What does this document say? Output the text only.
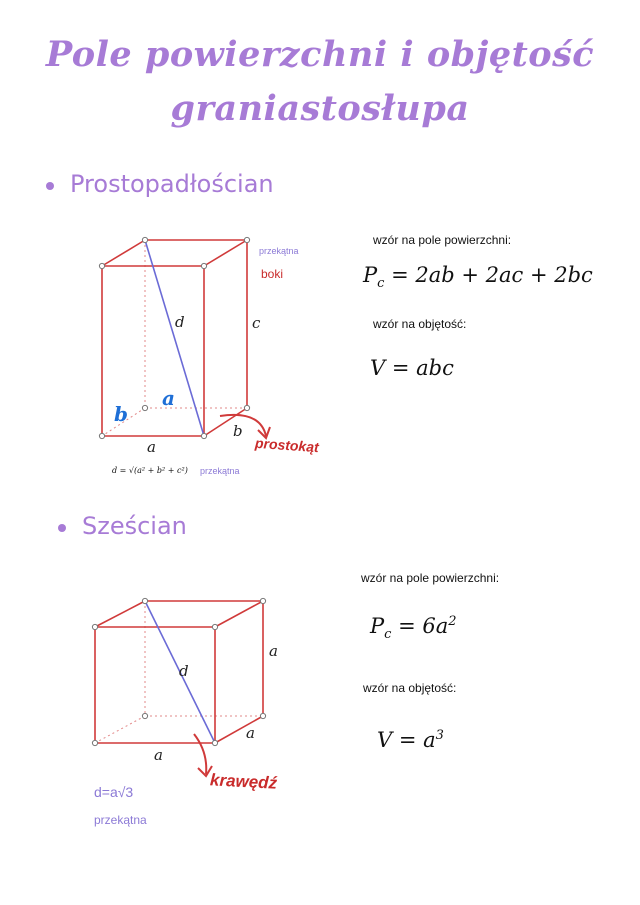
Pole powierzchni i objętość
graniastosłupa
Prostopadłościan
d	c
b
a
b
a
przekątna
boki
prostokąt
d = √(a² + b² + c²) przekątna
wzór na pole powierzchni:
$P_c = 2ab + 2ac + 2bc$
wzór na objętość:
V = abc
Sześcian
d
a
a
a
krawędź
d=a√3
przekątna
wzór na pole powierzchni:
$P_c = 6a^2$
wzór na objętość:
$V = a^3$
